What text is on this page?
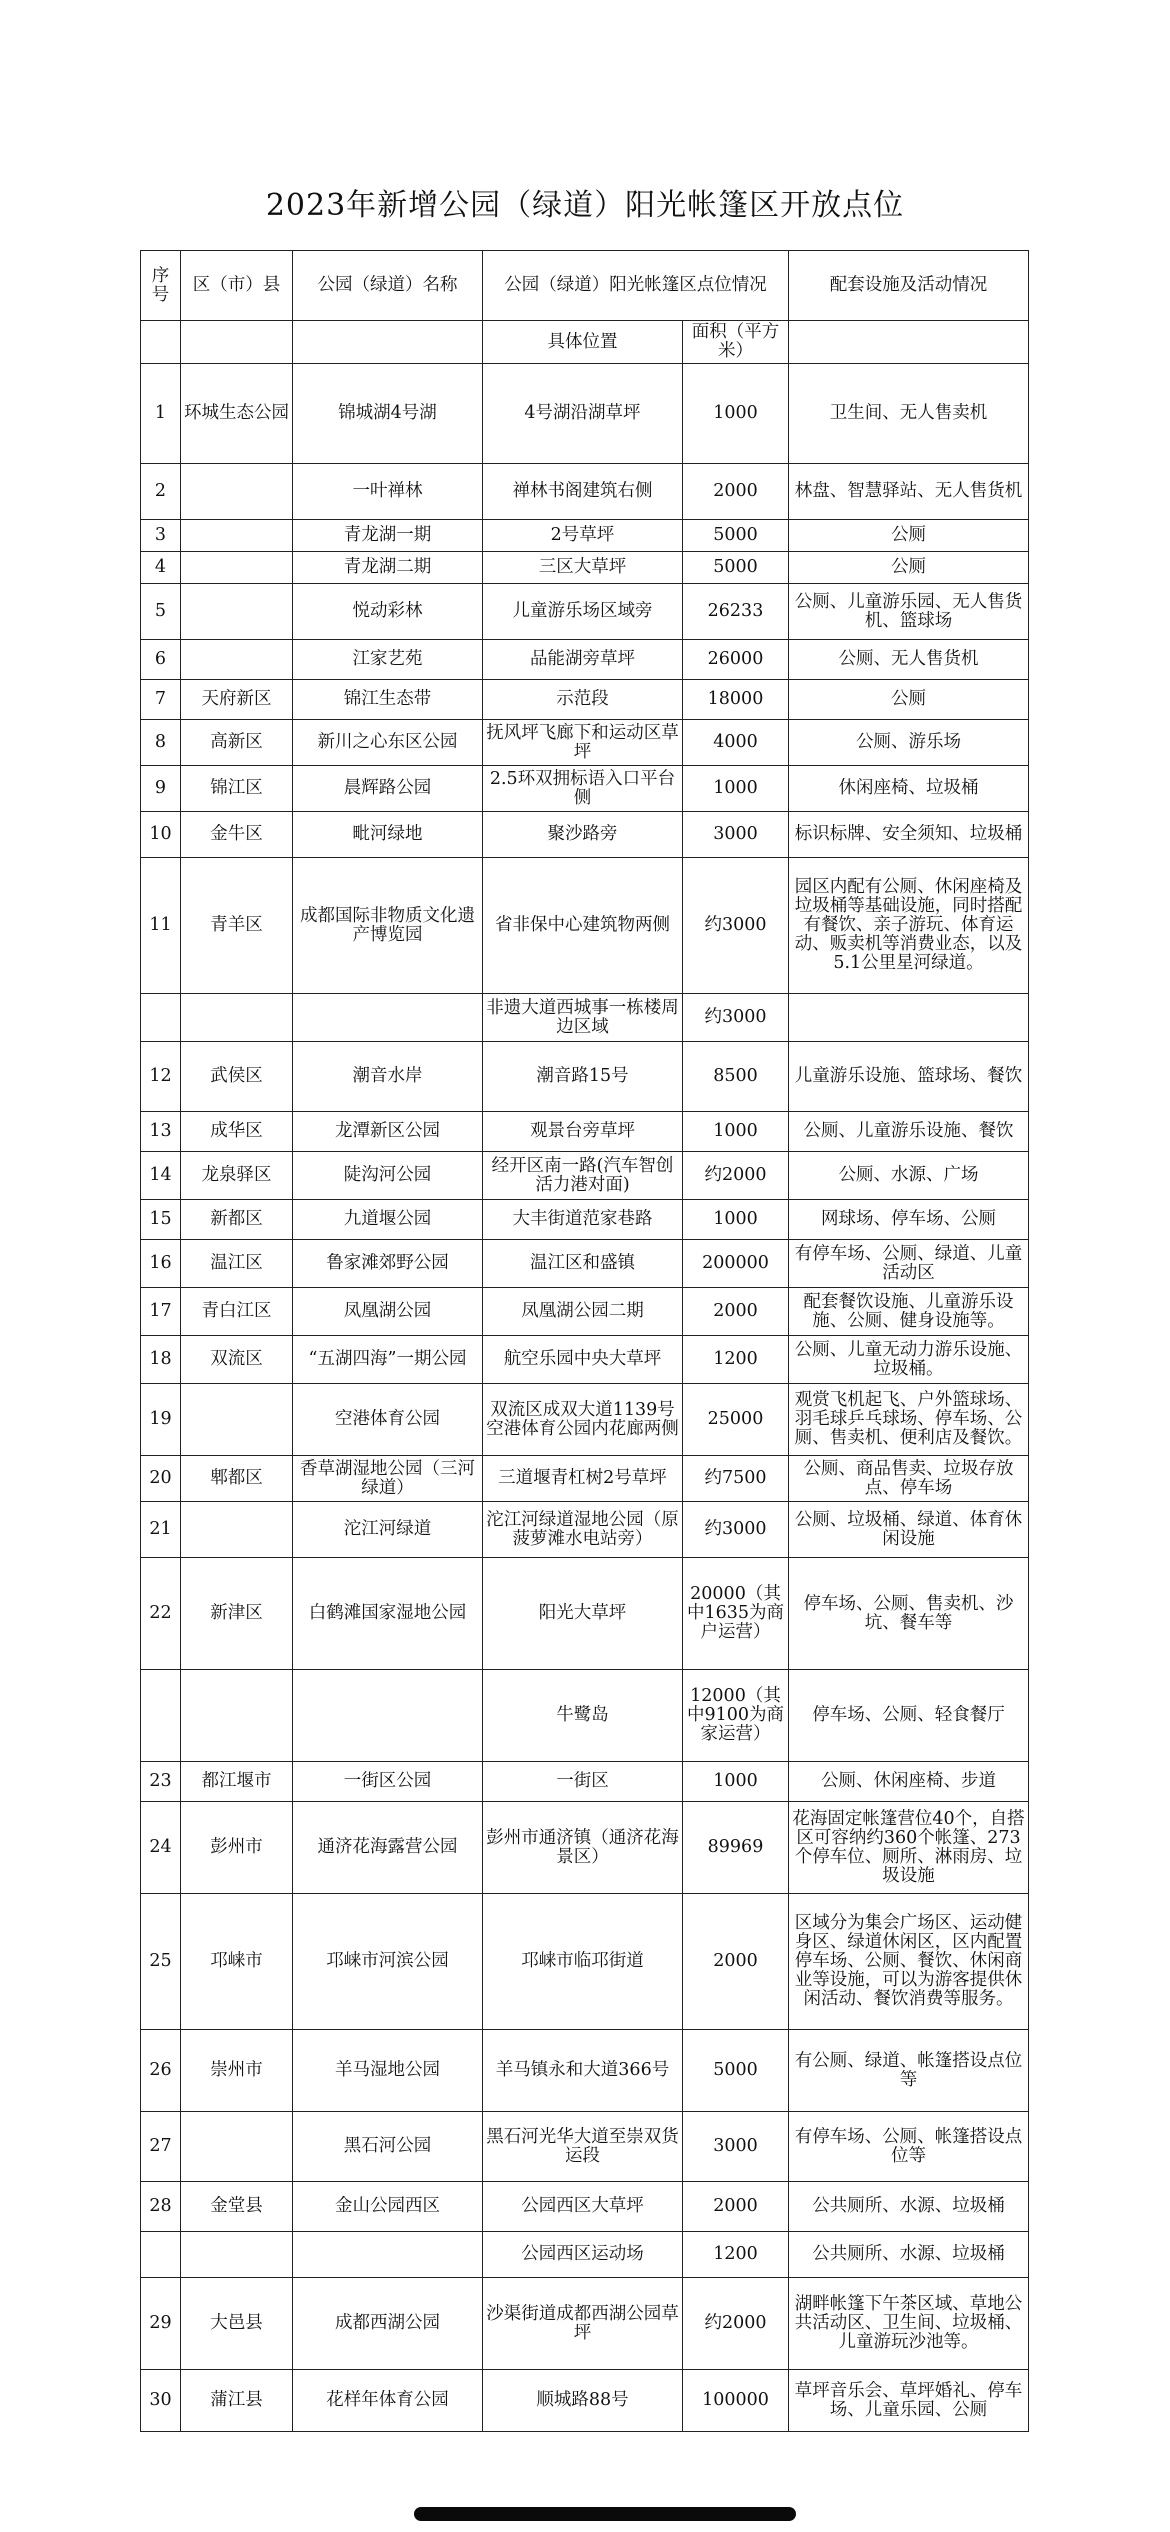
2023年新增公园（绿道）阳光帐篷区开放点位
序号	区（市）县	公园（绿道）名称	公园（绿道）阳光帐篷区点位情况		配套设施及活动情况
			具体位置	面积（平方米）	
1	环城生态公园	锦城湖4号湖	4号湖沿湖草坪	1000	卫生间、无人售卖机
2		一叶禅林	禅林书阁建筑右侧	2000	林盘、智慧驿站、无人售货机
3		青龙湖一期	2号草坪	5000	公厕
4		青龙湖二期	三区大草坪	5000	公厕
5		悦动彩林	儿童游乐场区域旁	26233	公厕、儿童游乐园、无人售货机、篮球场
6		江家艺苑	品能湖旁草坪	26000	公厕、无人售货机
7	天府新区	锦江生态带	示范段	18000	公厕
8	高新区	新川之心东区公园	抚风坪飞廊下和运动区草坪	4000	公厕、游乐场
9	锦江区	晨辉路公园	2.5环双拥标语入口平台侧	1000	休闲座椅、垃圾桶
10	金牛区	毗河绿地	聚沙路旁	3000	标识标牌、安全须知、垃圾桶
11	青羊区	成都国际非物质文化遗产博览园	省非保中心建筑物两侧	约3000	园区内配有公厕、休闲座椅及垃圾桶等基础设施，同时搭配有餐饮、亲子游玩、体育运动、贩卖机等消费业态，以及5.1公里星河绿道。
			非遗大道西城事一栋楼周边区域	约3000	
12	武侯区	潮音水岸	潮音路15号	8500	儿童游乐设施、篮球场、餐饮
13	成华区	龙潭新区公园	观景台旁草坪	1000	公厕、儿童游乐设施、餐饮
14	龙泉驿区	陡沟河公园	经开区南一路(汽车智创活力港对面)	约2000	公厕、水源、广场
15	新都区	九道堰公园	大丰街道范家巷路	1000	网球场、停车场、公厕
16	温江区	鲁家滩郊野公园	温江区和盛镇	200000	有停车场、公厕、绿道、儿童活动区
17	青白江区	凤凰湖公园	凤凰湖公园二期	2000	配套餐饮设施、儿童游乐设施、公厕、健身设施等。
18	双流区	“五湖四海”一期公园	航空乐园中央大草坪	1200	公厕、儿童无动力游乐设施、垃圾桶。
19		空港体育公园	双流区成双大道1139号空港体育公园内花廊两侧	25000	观赏飞机起飞、户外篮球场、羽毛球乒乓球场、停车场、公厕、售卖机、便利店及餐饮。
20	郫都区	香草湖湿地公园（三河绿道）	三道堰青杠树2号草坪	约7500	公厕、商品售卖、垃圾存放点、停车场
21		沱江河绿道	沱江河绿道湿地公园（原菠萝滩水电站旁）	约3000	公厕、垃圾桶、绿道、体育休闲设施
22	新津区	白鹤滩国家湿地公园	阳光大草坪	20000（其中1635为商户运营）	停车场、公厕、售卖机、沙坑、餐车等
			牛鹭岛	12000（其中9100为商家运营）	停车场、公厕、轻食餐厅
23	都江堰市	一街区公园	一街区	1000	公厕、休闲座椅、步道
24	彭州市	通济花海露营公园	彭州市通济镇（通济花海景区）	89969	花海固定帐篷营位40个，自搭区可容纳约360个帐篷、273个停车位、厕所、淋雨房、垃圾设施
25	邛崃市	邛崃市河滨公园	邛崃市临邛街道	2000	区域分为集会广场区、运动健身区、绿道休闲区，区内配置停车场、公厕、餐饮、休闲商业等设施，可以为游客提供休闲活动、餐饮消费等服务。
26	崇州市	羊马湿地公园	羊马镇永和大道366号	5000	有公厕、绿道、帐篷搭设点位等
27		黑石河公园	黑石河光华大道至崇双货运段	3000	有停车场、公厕、帐篷搭设点位等
28	金堂县	金山公园西区	公园西区大草坪	2000	公共厕所、水源、垃圾桶
			公园西区运动场	1200	公共厕所、水源、垃圾桶
29	大邑县	成都西湖公园	沙渠街道成都西湖公园草坪	约2000	湖畔帐篷下午茶区域、草地公共活动区、卫生间、垃圾桶、儿童游玩沙池等。
30	蒲江县	花样年体育公园	顺城路88号	100000	草坪音乐会、草坪婚礼、停车场、儿童乐园、公厕
